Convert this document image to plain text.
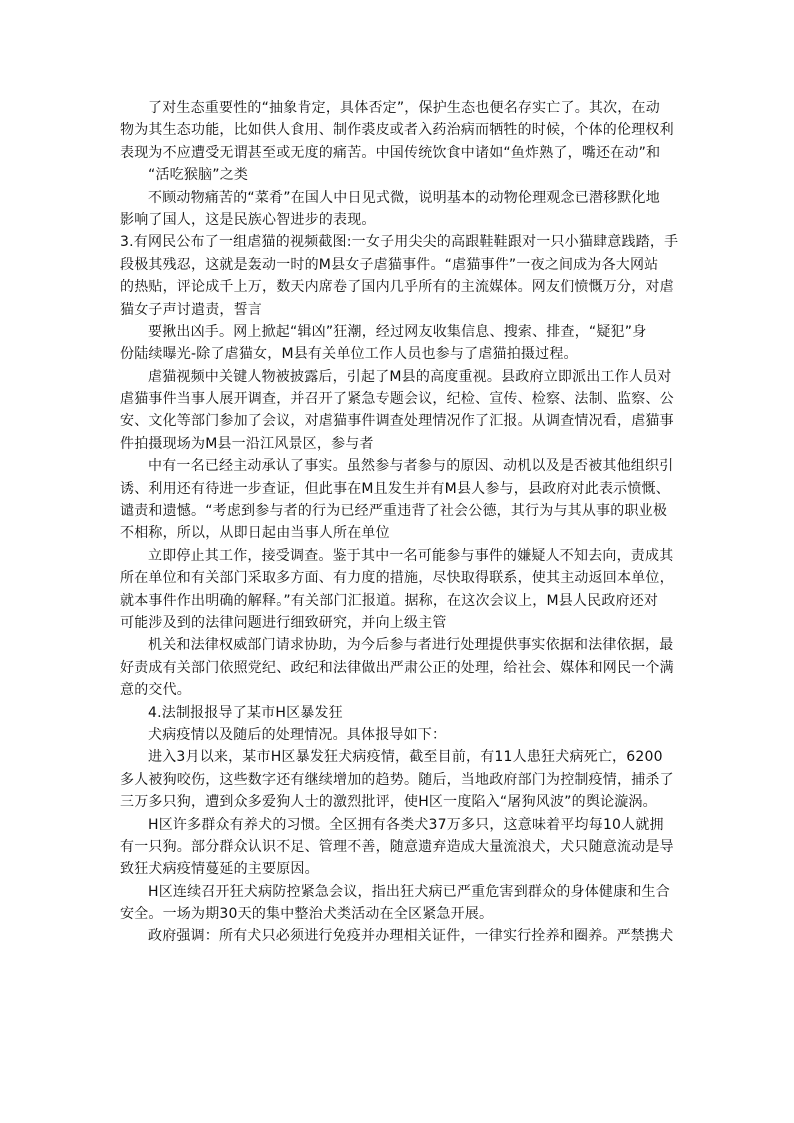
了对生态重要性的“抽象肯定，具体否定”，保护生态也便名存实亡了。其次，在动
物为其生态功能，比如供人食用、制作裘皮或者入药治病而牺牲的时候，个体的伦理权利
表现为不应遭受无谓甚至或无度的痛苦。中国传统饮食中诸如“鱼炸熟了，嘴还在动”和
“活吃猴脑”之类
不顾动物痛苦的“菜肴”在国人中日见式微，说明基本的动物伦理观念已潜移默化地
影响了国人，这是民族心智进步的表现。
3.有网民公布了一组虐猫的视频截图:一女子用尖尖的高跟鞋鞋跟对一只小猫肆意践踏，手
段极其残忍，这就是轰动一时的M县女子虐猫事件。“虐猫事件”一夜之间成为各大网站
的热贴，评论成千上万，数天内席卷了国内几乎所有的主流媒体。网友们愤慨万分，对虐
猫女子声讨遣责，誓言
要揪出凶手。网上掀起“辑凶”狂潮，经过网友收集信息、搜索、排查，“疑犯”身
份陆续曝光-除了虐猫女，M县有关单位工作人员也参与了虐猫拍摄过程。
虐猫视频中关键人物被披露后，引起了M县的高度重视。县政府立即派出工作人员对
虐猫事件当事人展开调查，并召开了紧急专题会议，纪检、宣传、检察、法制、监察、公
安、文化等部门参加了会议，对虐猫事件调查处理情况作了汇报。从调查情况看，虐猫事
件拍摄现场为M县一沿江风景区，参与者
中有一名已经主动承认了事实。虽然参与者参与的原因、动机以及是否被其他组织引
诱、利用还有待进一步查证，但此事在M且发生并有M县人参与，县政府对此表示愤慨、
谴责和遗憾。“考虑到参与者的行为已经严重违背了社会公德，其行为与其从事的职业极
不相称，所以，从即日起由当事人所在单位
立即停止其工作，接受调查。鉴于其中一名可能参与事件的嫌疑人不知去向，责成其
所在单位和有关部门采取多方面、有力度的措施，尽快取得联系，使其主动返回本单位，
就本事件作出明确的解释。”有关部门汇报道。据称，在这次会议上，M县人民政府还对
可能涉及到的法律问题进行细致研究，并向上级主管
机关和法律权威部门请求协助，为今后参与者进行处理提供事实依据和法律依据，最
好责成有关部门依照党纪、政纪和法律做出严肃公正的处理，给社会、媒体和网民一个满
意的交代。
4.法制报报导了某市H区暴发狂
犬病疫情以及随后的处理情况。具体报导如下：
进入3月以来，某市H区暴发狂犬病疫情，截至目前，有11人患狂犬病死亡，6200
多人被狗咬伤，这些数字还有继续增加的趋势。随后，当地政府部门为控制疫情，捕杀了
三万多只狗，遭到众多爱狗人士的激烈批评，使H区一度陷入“屠狗风波”的舆论漩涡。
H区许多群众有养犬的习惯。全区拥有各类犬37万多只，这意味着平均每10人就拥
有一只狗。部分群众认识不足、管理不善，随意遗弃造成大量流浪犬，犬只随意流动是导
致狂犬病疫情蔓延的主要原因。
H区连续召开狂犬病防控紧急会议，指出狂犬病已严重危害到群众的身体健康和生合
安全。一场为期30天的集中整治犬类活动在全区紧急开展。
政府强调：所有犬只必须进行免疫并办理相关证件，一律实行拴养和圈养。严禁携犬
